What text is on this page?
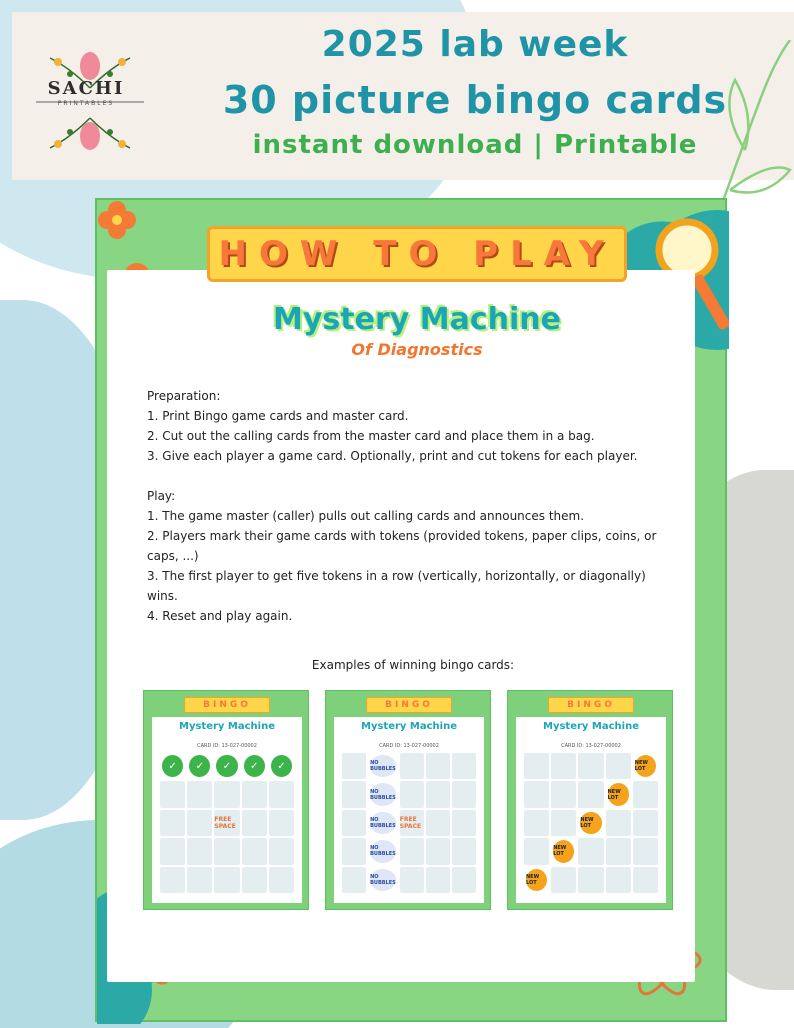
SACHI
PRINTABLES
2025 lab week
30 picture bingo cards
instant download | Printable
HOW TO PLAY
Mystery Machine
Of Diagnostics

Preparation:

1. Print Bingo game cards and master card.

2. Cut out the calling cards from the master card and place them in a bag.

3. Give each player a game card. Optionally, print and cut tokens for each player.

Play:

1. The game master (caller) pulls out calling cards and announces them.

2. Players mark their game cards with tokens (provided tokens, paper clips, coins, or caps, ...)

3. The first player to get five tokens in a row (vertically, horizontally, or diagonally) wins.

4. Reset and play again.

Examples of winning bingo cards:
BINGO
Mystery Machine
CARD ID: 13-027-00002
✓	✓	✓	✓	✓
FREE SPACE
BINGO
Mystery Machine
CARD ID: 13-027-00002
NO BUBBLES
NO BUBBLES
NO BUBBLES
FREE SPACE
NO BUBBLES
NO BUBBLES
BINGO
Mystery Machine
CARD ID: 13-027-00002
NEW LOT
NEW LOT
NEW LOT
NEW LOT
NEW LOT
